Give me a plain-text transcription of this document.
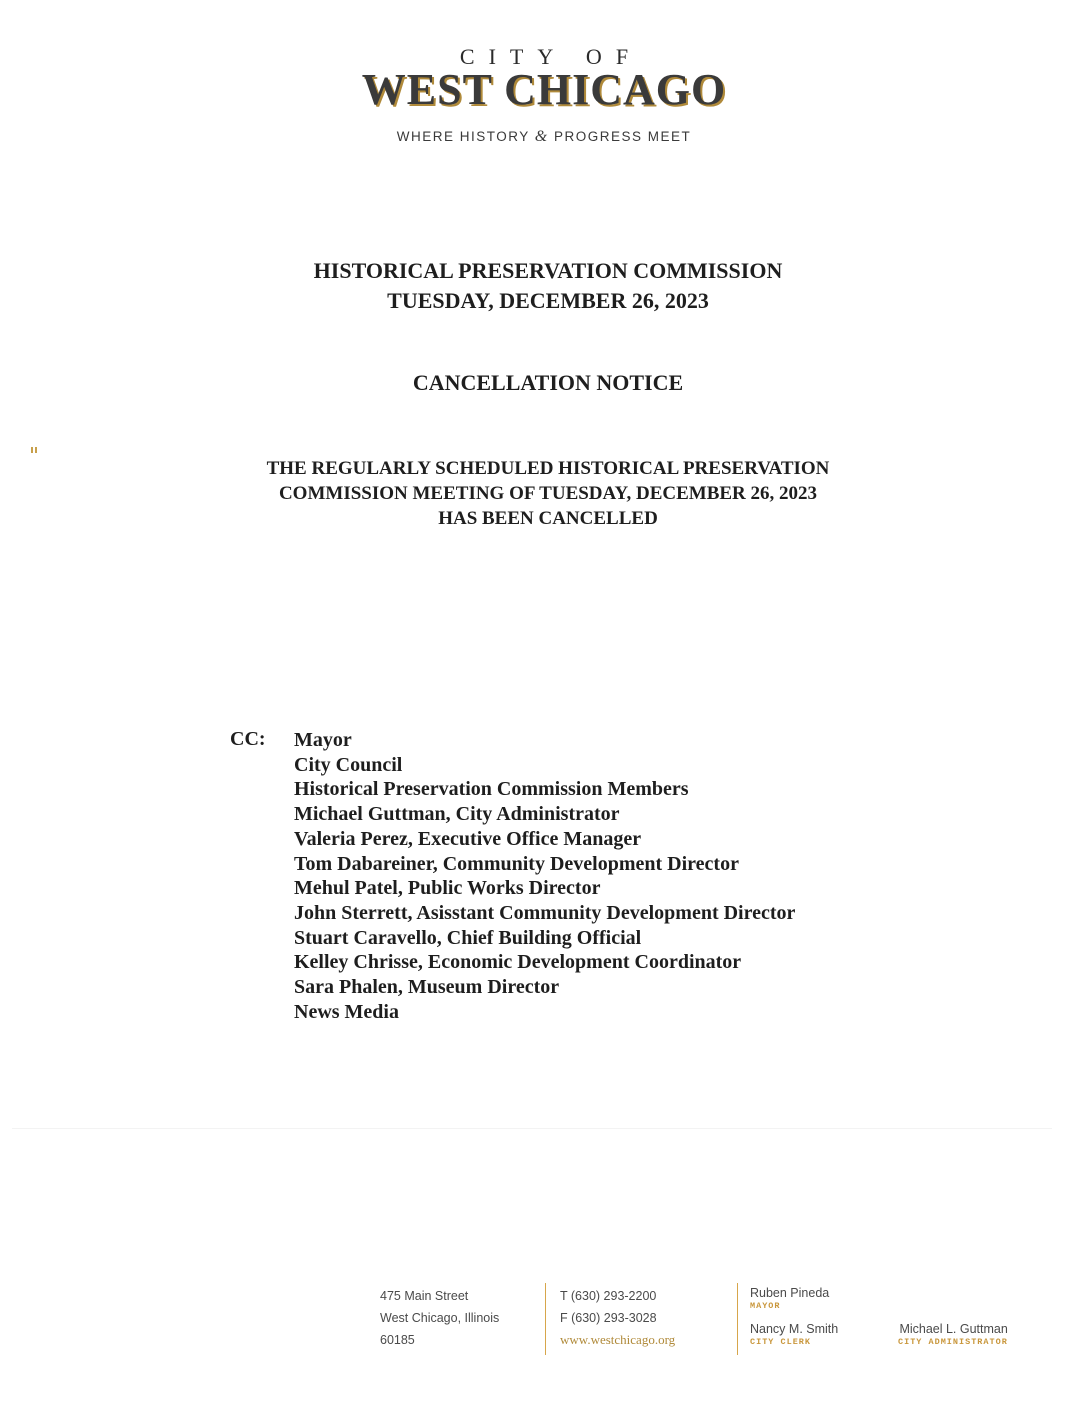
CITY OF
WEST CHICAGO
WHERE HISTORY & PROGRESS MEET
HISTORICAL PRESERVATION COMMISSION
TUESDAY, DECEMBER 26, 2023
CANCELLATION NOTICE
THE REGULARLY SCHEDULED HISTORICAL PRESERVATION
COMMISSION MEETING OF TUESDAY, DECEMBER 26, 2023
HAS BEEN CANCELLED
CC: Mayor
City Council
Historical Preservation Commission Members
Michael Guttman, City Administrator
Valeria Perez, Executive Office Manager
Tom Dabareiner, Community Development Director
Mehul Patel, Public Works Director
John Sterrett, Asisstant Community Development Director
Stuart Caravello, Chief Building Official
Kelley Chrisse, Economic Development Coordinator
Sara Phalen, Museum Director
News Media
475 Main Street
West Chicago, Illinois
60185
T (630) 293-2200
F (630) 293-3028
www.westchicago.org
Ruben Pineda
MAYOR
Nancy M. Smith
CITY CLERK
Michael L. Guttman
CITY ADMINISTRATOR
